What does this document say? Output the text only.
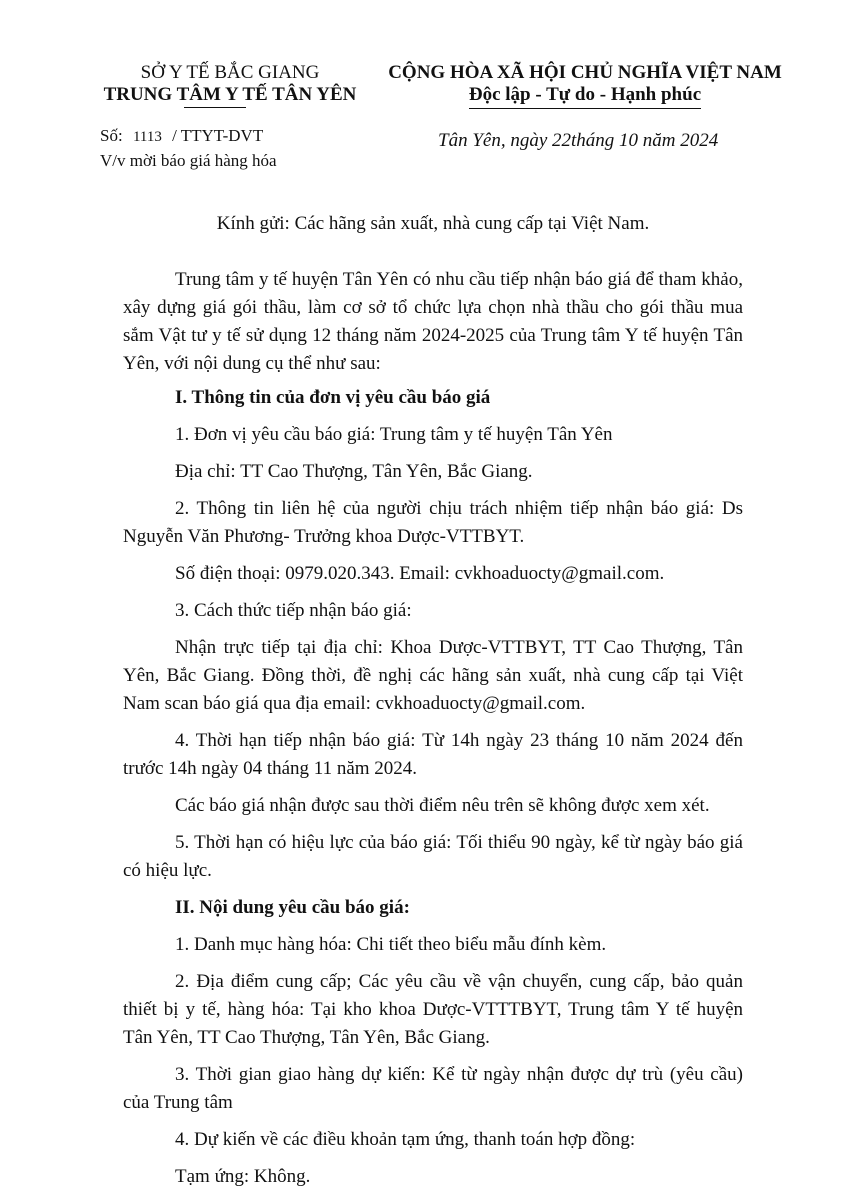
SỞ Y TẾ BẮC GIANG
TRUNG TÂM Y TẾ TÂN YÊN
CỘNG HÒA XÃ HỘI CHỦ NGHĨA VIỆT NAM
Độc lập - Tự do - Hạnh phúc
Số: 1113 / TTYT-DVT
V/v mời báo giá hàng hóa
Tân Yên, ngày 22tháng 10 năm 2024

Kính gửi: Các hãng sản xuất, nhà cung cấp tại Việt Nam.

Trung tâm y tế huyện Tân Yên có nhu cầu tiếp nhận báo giá để tham khảo, xây dựng giá gói thầu, làm cơ sở tổ chức lựa chọn nhà thầu cho gói thầu mua sắm Vật tư y tế sử dụng 12 tháng năm 2024-2025 của Trung tâm Y tế huyện Tân Yên, với nội dung cụ thể như sau:

I. Thông tin của đơn vị yêu cầu báo giá

1. Đơn vị yêu cầu báo giá: Trung tâm y tế huyện Tân Yên

Địa chỉ: TT Cao Thượng, Tân Yên, Bắc Giang.

2. Thông tin liên hệ của người chịu trách nhiệm tiếp nhận báo giá: Ds Nguyễn Văn Phương- Trưởng khoa Dược-VTTBYT.

Số điện thoại: 0979.020.343. Email: cvkhoaduocty@gmail.com.

3. Cách thức tiếp nhận báo giá:

Nhận trực tiếp tại địa chỉ: Khoa Dược-VTTBYT, TT Cao Thượng, Tân Yên, Bắc Giang. Đồng thời, đề nghị các hãng sản xuất, nhà cung cấp tại Việt Nam scan báo giá qua địa email: cvkhoaduocty@gmail.com.

4. Thời hạn tiếp nhận báo giá: Từ 14h ngày 23 tháng 10 năm 2024 đến trước 14h ngày 04 tháng 11 năm 2024.

Các báo giá nhận được sau thời điểm nêu trên sẽ không được xem xét.

5. Thời hạn có hiệu lực của báo giá: Tối thiểu 90 ngày, kể từ ngày báo giá có hiệu lực.

II. Nội dung yêu cầu báo giá:

1. Danh mục hàng hóa: Chi tiết theo biểu mẫu đính kèm.

2. Địa điểm cung cấp; Các yêu cầu về vận chuyển, cung cấp, bảo quản thiết bị y tế, hàng hóa: Tại kho khoa Dược-VTTTBYT, Trung tâm Y tế huyện Tân Yên, TT Cao Thượng, Tân Yên, Bắc Giang.

3. Thời gian giao hàng dự kiến: Kể từ ngày nhận được dự trù (yêu cầu) của Trung tâm

4. Dự kiến về các điều khoản tạm ứng, thanh toán hợp đồng:

Tạm ứng: Không.
